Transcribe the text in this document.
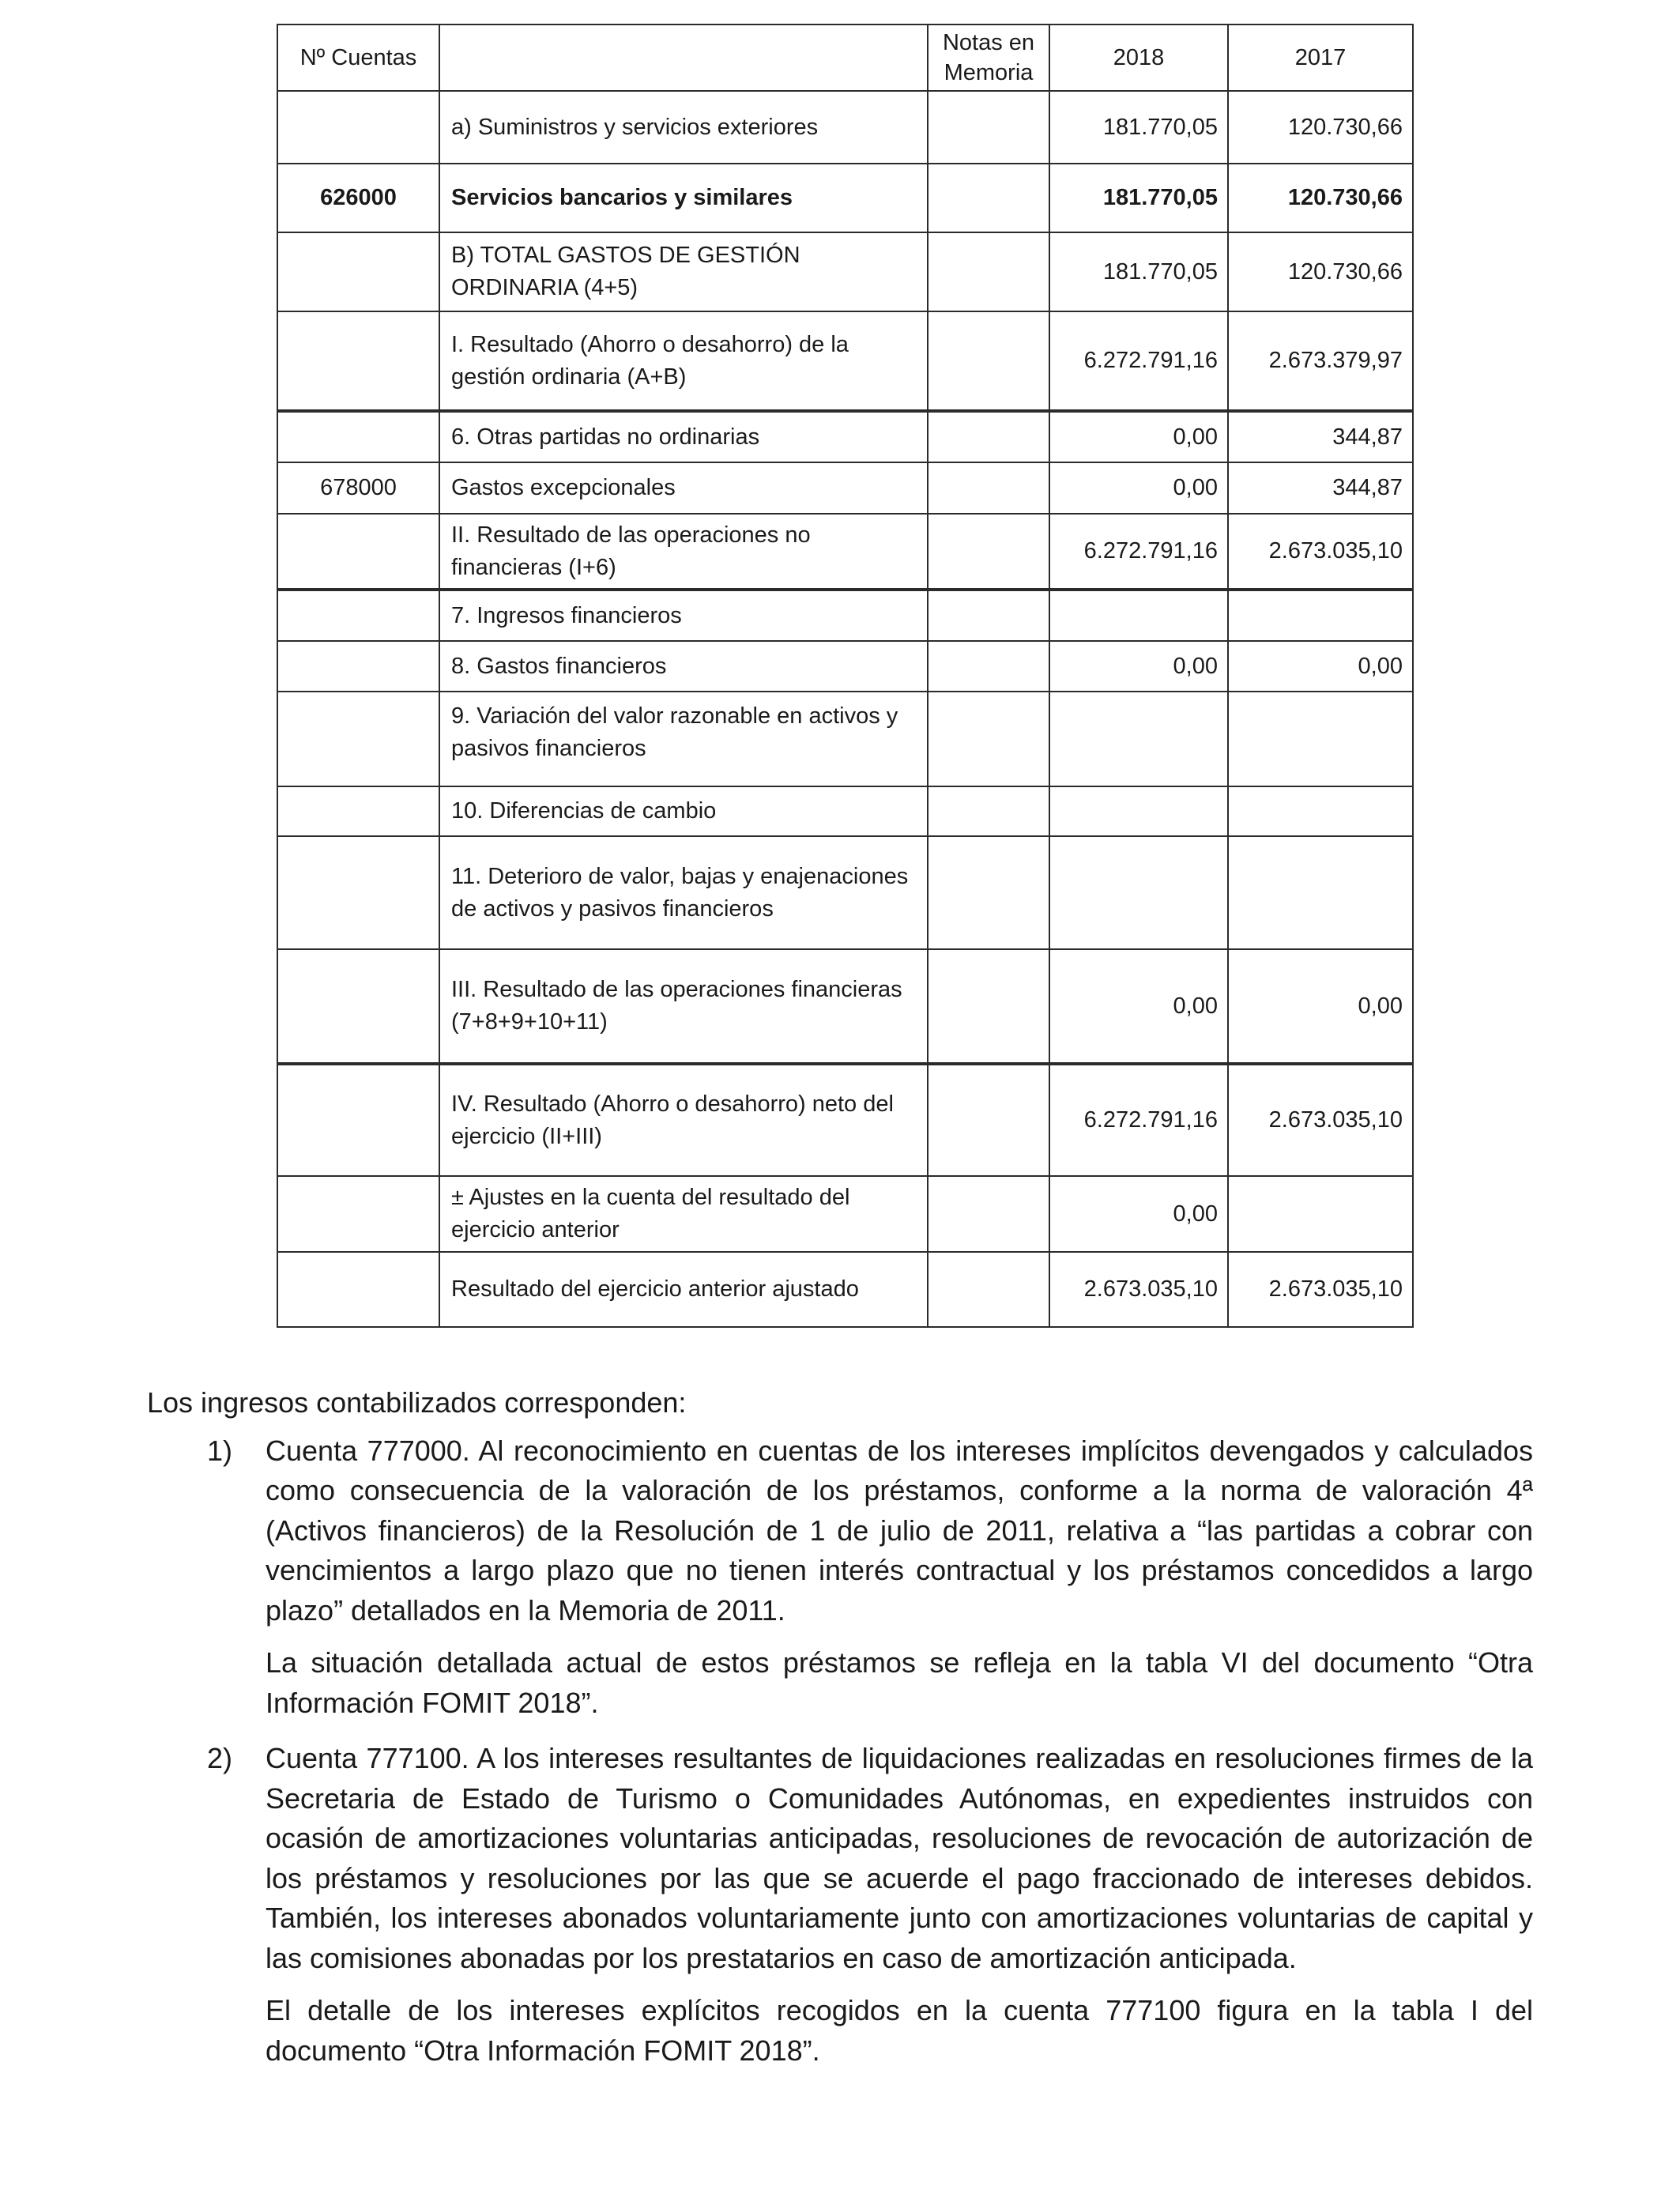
Nº Cuentas		Notas en Memoria	2018	2017
	a) Suministros y servicios exteriores		181.770,05	120.730,66
626000	Servicios bancarios y similares		181.770,05	120.730,66
	B) TOTAL GASTOS DE GESTIÓN ORDINARIA (4+5)		181.770,05	120.730,66
	I. Resultado (Ahorro o desahorro) de la gestión ordinaria (A+B)		6.272.791,16	2.673.379,97
	6. Otras partidas no ordinarias		0,00	344,87
678000	Gastos excepcionales		0,00	344,87
	II. Resultado de las operaciones no financieras (I+6)		6.272.791,16	2.673.035,10
	7. Ingresos financieros			
	8. Gastos financieros		0,00	0,00
	9. Variación del valor razonable en activos y pasivos financieros			
	10. Diferencias de cambio			
	11. Deterioro de valor, bajas y enajenaciones de activos y pasivos financieros			
	III. Resultado de las operaciones financieras (7+8+9+10+11)		0,00	0,00
	IV. Resultado (Ahorro o desahorro) neto del ejercicio (II+III)		6.272.791,16	2.673.035,10
	± Ajustes en la cuenta del resultado del ejercicio anterior		0,00	
	Resultado del ejercicio anterior ajustado		2.673.035,10	2.673.035,10

Los ingresos contabilizados corresponden:

1) Cuenta 777000. Al reconocimiento en cuentas de los intereses implícitos devengados y calculados como consecuencia de la valoración de los préstamos, conforme a la norma de valoración 4ª (Activos financieros) de la Resolución de 1 de julio de 2011, relativa a “las partidas a cobrar con vencimientos a largo plazo que no tienen interés contractual y los préstamos concedidos a largo plazo” detallados en la Memoria de 2011.

La situación detallada actual de estos préstamos se refleja en la tabla VI del documento “Otra Información FOMIT 2018”.

2) Cuenta 777100. A los intereses resultantes de liquidaciones realizadas en resoluciones firmes de la Secretaria de Estado de Turismo o Comunidades Autónomas, en expedientes instruidos con ocasión de amortizaciones voluntarias anticipadas, resoluciones de revocación de autorización de los préstamos y resoluciones por las que se acuerde el pago fraccionado de intereses debidos. También, los intereses abonados voluntariamente junto con amortizaciones voluntarias de capital y las comisiones abonadas por los prestatarios en caso de amortización anticipada.

El detalle de los intereses explícitos recogidos en la cuenta 777100 figura en la tabla I del documento “Otra Información FOMIT 2018”.
